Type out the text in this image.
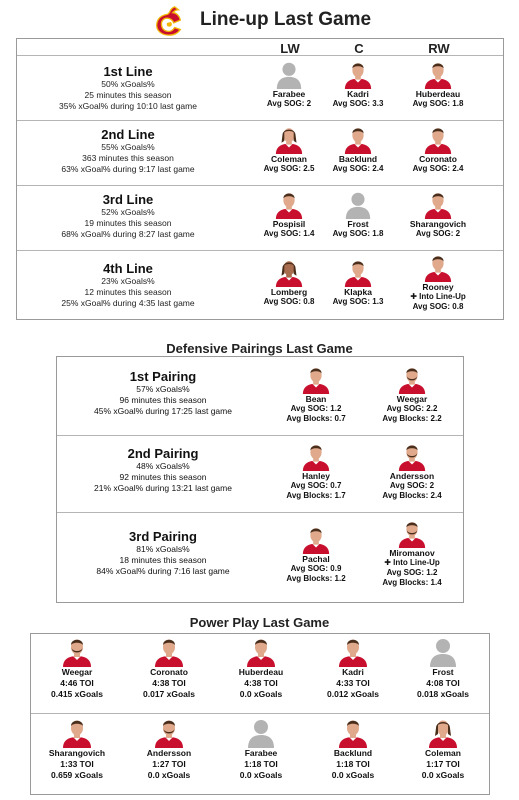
Line-up Last Game
LW	C	RW
1st Line
50% xGoals%
25 minutes this season
35% xGoal% during 10:10 last game
Farabee
Avg SOG: 2
Kadri
Avg SOG: 3.3
Huberdeau
Avg SOG: 1.8
2nd Line
55% xGoals%
363 minutes this season
63% xGoal% during 9:17 last game
Coleman
Avg SOG: 2.5
Backlund
Avg SOG: 2.4
Coronato
Avg SOG: 2.4
3rd Line
52% xGoals%
19 minutes this season
68% xGoal% during 8:27 last game
Pospisil
Avg SOG: 1.4
Frost
Avg SOG: 1.8
Sharangovich
Avg SOG: 2
4th Line
23% xGoals%
12 minutes this season
25% xGoal% during 4:35 last game
Lomberg
Avg SOG: 0.8
Klapka
Avg SOG: 1.3
Rooney
✚ Into Line-Up
Avg SOG: 0.8
Defensive Pairings Last Game
1st Pairing
57% xGoals%
96 minutes this season
45% xGoal% during 17:25 last game
Bean
Avg SOG: 1.2
Avg Blocks: 0.7
Weegar
Avg SOG: 2.2
Avg Blocks: 2.2
2nd Pairing
48% xGoals%
92 minutes this season
21% xGoal% during 13:21 last game
Hanley
Avg SOG: 0.7
Avg Blocks: 1.7
Andersson
Avg SOG: 2
Avg Blocks: 2.4
3rd Pairing
81% xGoals%
18 minutes this season
84% xGoal% during 7:16 last game
Pachal
Avg SOG: 0.9
Avg Blocks: 1.2
Miromanov
✚ Into Line-Up
Avg SOG: 1.2
Avg Blocks: 1.4
Power Play Last Game
Weegar
4:46 TOI
0.415 xGoals
Coronato
4:38 TOI
0.017 xGoals
Huberdeau
4:38 TOI
0.0 xGoals
Kadri
4:33 TOI
0.012 xGoals
Frost
4:08 TOI
0.018 xGoals
Sharangovich
1:33 TOI
0.659 xGoals
Andersson
1:27 TOI
0.0 xGoals
Farabee
1:18 TOI
0.0 xGoals
Backlund
1:18 TOI
0.0 xGoals
Coleman
1:17 TOI
0.0 xGoals
